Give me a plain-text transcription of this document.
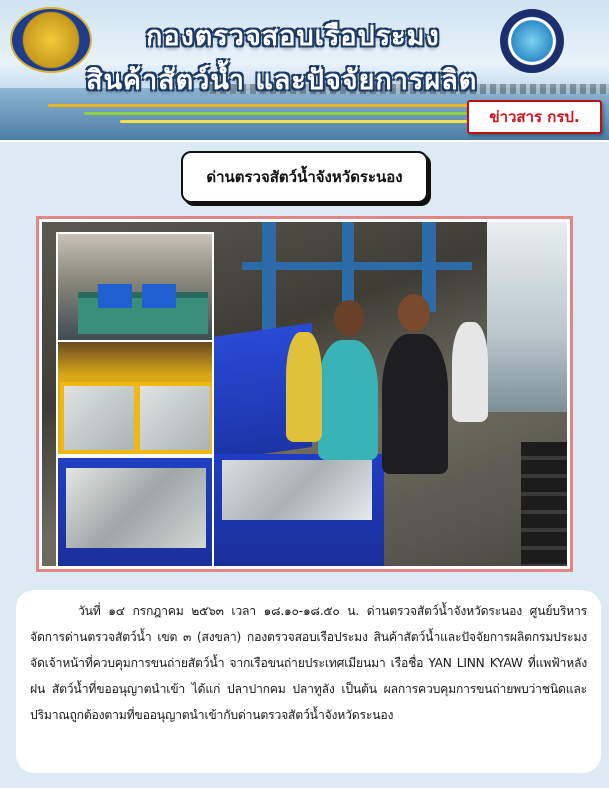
กองตรวจสอบเรือประมง
สินค้าสัตว์น้ำ และปัจจัยการผลิต
ข่าวสาร กรป.
ด่านตรวจสัตว์น้ำจังหวัดระนอง

วันที่ ๑๔ กรกฎาคม ๒๕๖๓ เวลา ๑๘.๑๐-๑๘.๕๐ น. ด่านตรวจสัตว์น้ำจังหวัดระนอง ศูนย์บริหารจัดการด่านตรวจสัตว์น้ำ เขต ๓ (สงขลา) กองตรวจสอบเรือประมง สินค้าสัตว์น้ำและปัจจัยการผลิตกรมประมง จัดเจ้าหน้าที่ควบคุมการขนถ่ายสัตว์น้ำ จากเรือขนถ่ายประเทศเมียนมา เรือชื่อ YAN LINN KYAW ที่แพฟ้าหลังฝน สัตว์น้ำที่ขออนุญาตนำเข้า ได้แก่ ปลาปากคม ปลาทูลัง เป็นต้น ผลการควบคุมการขนถ่ายพบว่าชนิดและปริมาณถูกต้องตามที่ขออนุญาตนำเข้ากับด่านตรวจสัตว์น้ำจังหวัดระนอง
